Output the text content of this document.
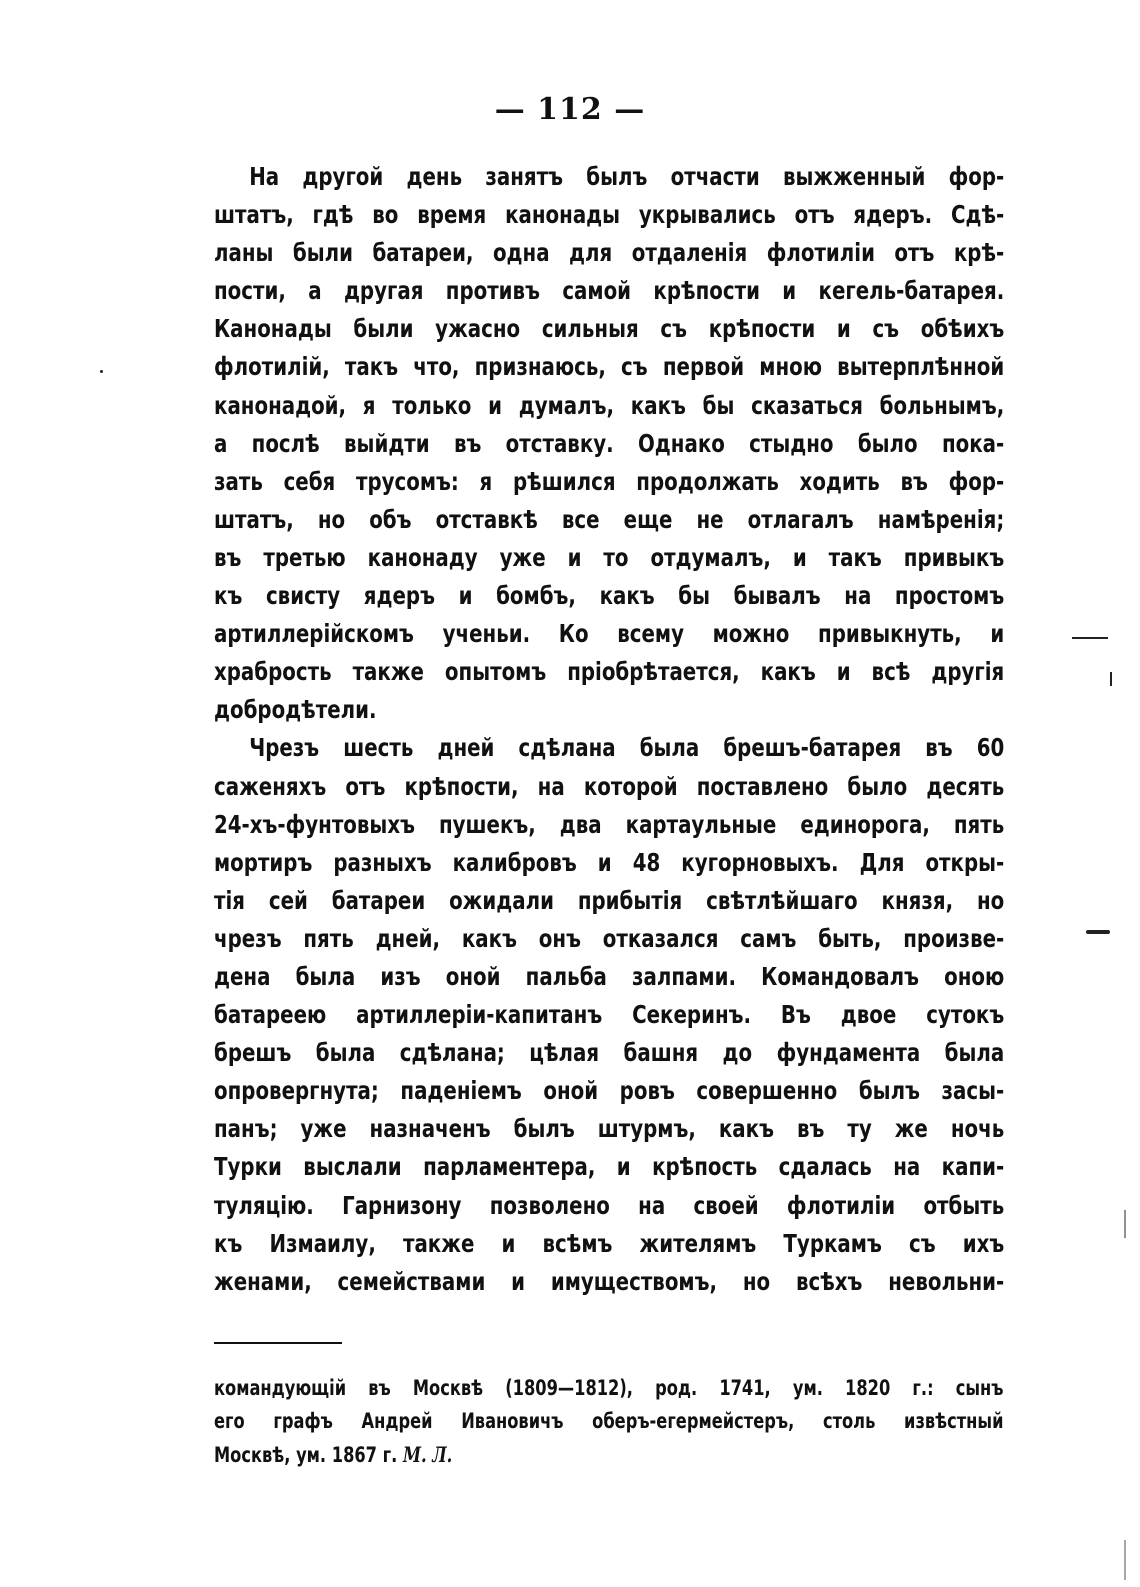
— 112 —
На другой день занятъ былъ отчасти выжженный фор-
штатъ, гдѣ во время канонады укрывались отъ ядеръ. Сдѣ-
ланы были батареи, одна для отдаленія флотиліи отъ крѣ-
пости, а другая противъ самой крѣпости и кегель-батарея.
Канонады были ужасно сильныя съ крѣпости и съ обѣихъ
флотилій, такъ что, признаюсь, съ первой мною вытерплѣнной
канонадой, я только и думалъ, какъ бы сказаться больнымъ,
а послѣ выйдти въ отставку. Однако стыдно было пока-
зать себя трусомъ: я рѣшился продолжать ходить въ фор-
штатъ, но объ отставкѣ все еще не отлагалъ намѣренія;
въ третью канонаду уже и то отдумалъ, и такъ привыкъ
къ свисту ядеръ и бомбъ, какъ бы бывалъ на простомъ
артиллерійскомъ ученьи. Ко всему можно привыкнуть, и
храбрость также опытомъ пріобрѣтается, какъ и всѣ другія
добродѣтели.
Чрезъ шесть дней сдѣлана была брешъ-батарея въ 60
саженяхъ отъ крѣпости, на которой поставлено было десять
24-хъ-фунтовыхъ пушекъ, два картаульные единорога, пять
мортиръ разныхъ калибровъ и 48 кугорновыхъ. Для откры-
тія сей батареи ожидали прибытія свѣтлѣйшаго князя, но
чрезъ пять дней, какъ онъ отказался самъ быть, произве-
дена была изъ оной пальба залпами. Командовалъ оною
батареею артиллеріи-капитанъ Секеринъ. Въ двое сутокъ
брешъ была сдѣлана; цѣлая башня до фундамента была
опровергнута; паденіемъ оной ровъ совершенно былъ засы-
панъ; уже назначенъ былъ штурмъ, какъ въ ту же ночь
Турки выслали парламентера, и крѣпость сдалась на капи-
туляцію. Гарнизону позволено на своей флотиліи отбыть
къ Измаилу, также и всѣмъ жителямъ Туркамъ съ ихъ
женами, семействами и имуществомъ, но всѣхъ невольни-
командующій въ Москвѣ (1809—1812), род. 1741, ум. 1820 г.: сынъ
его графъ Андрей Ивановичъ оберъ-егермейстеръ, столь извѣстный
Москвѣ, ум. 1867 г. М. Л.
